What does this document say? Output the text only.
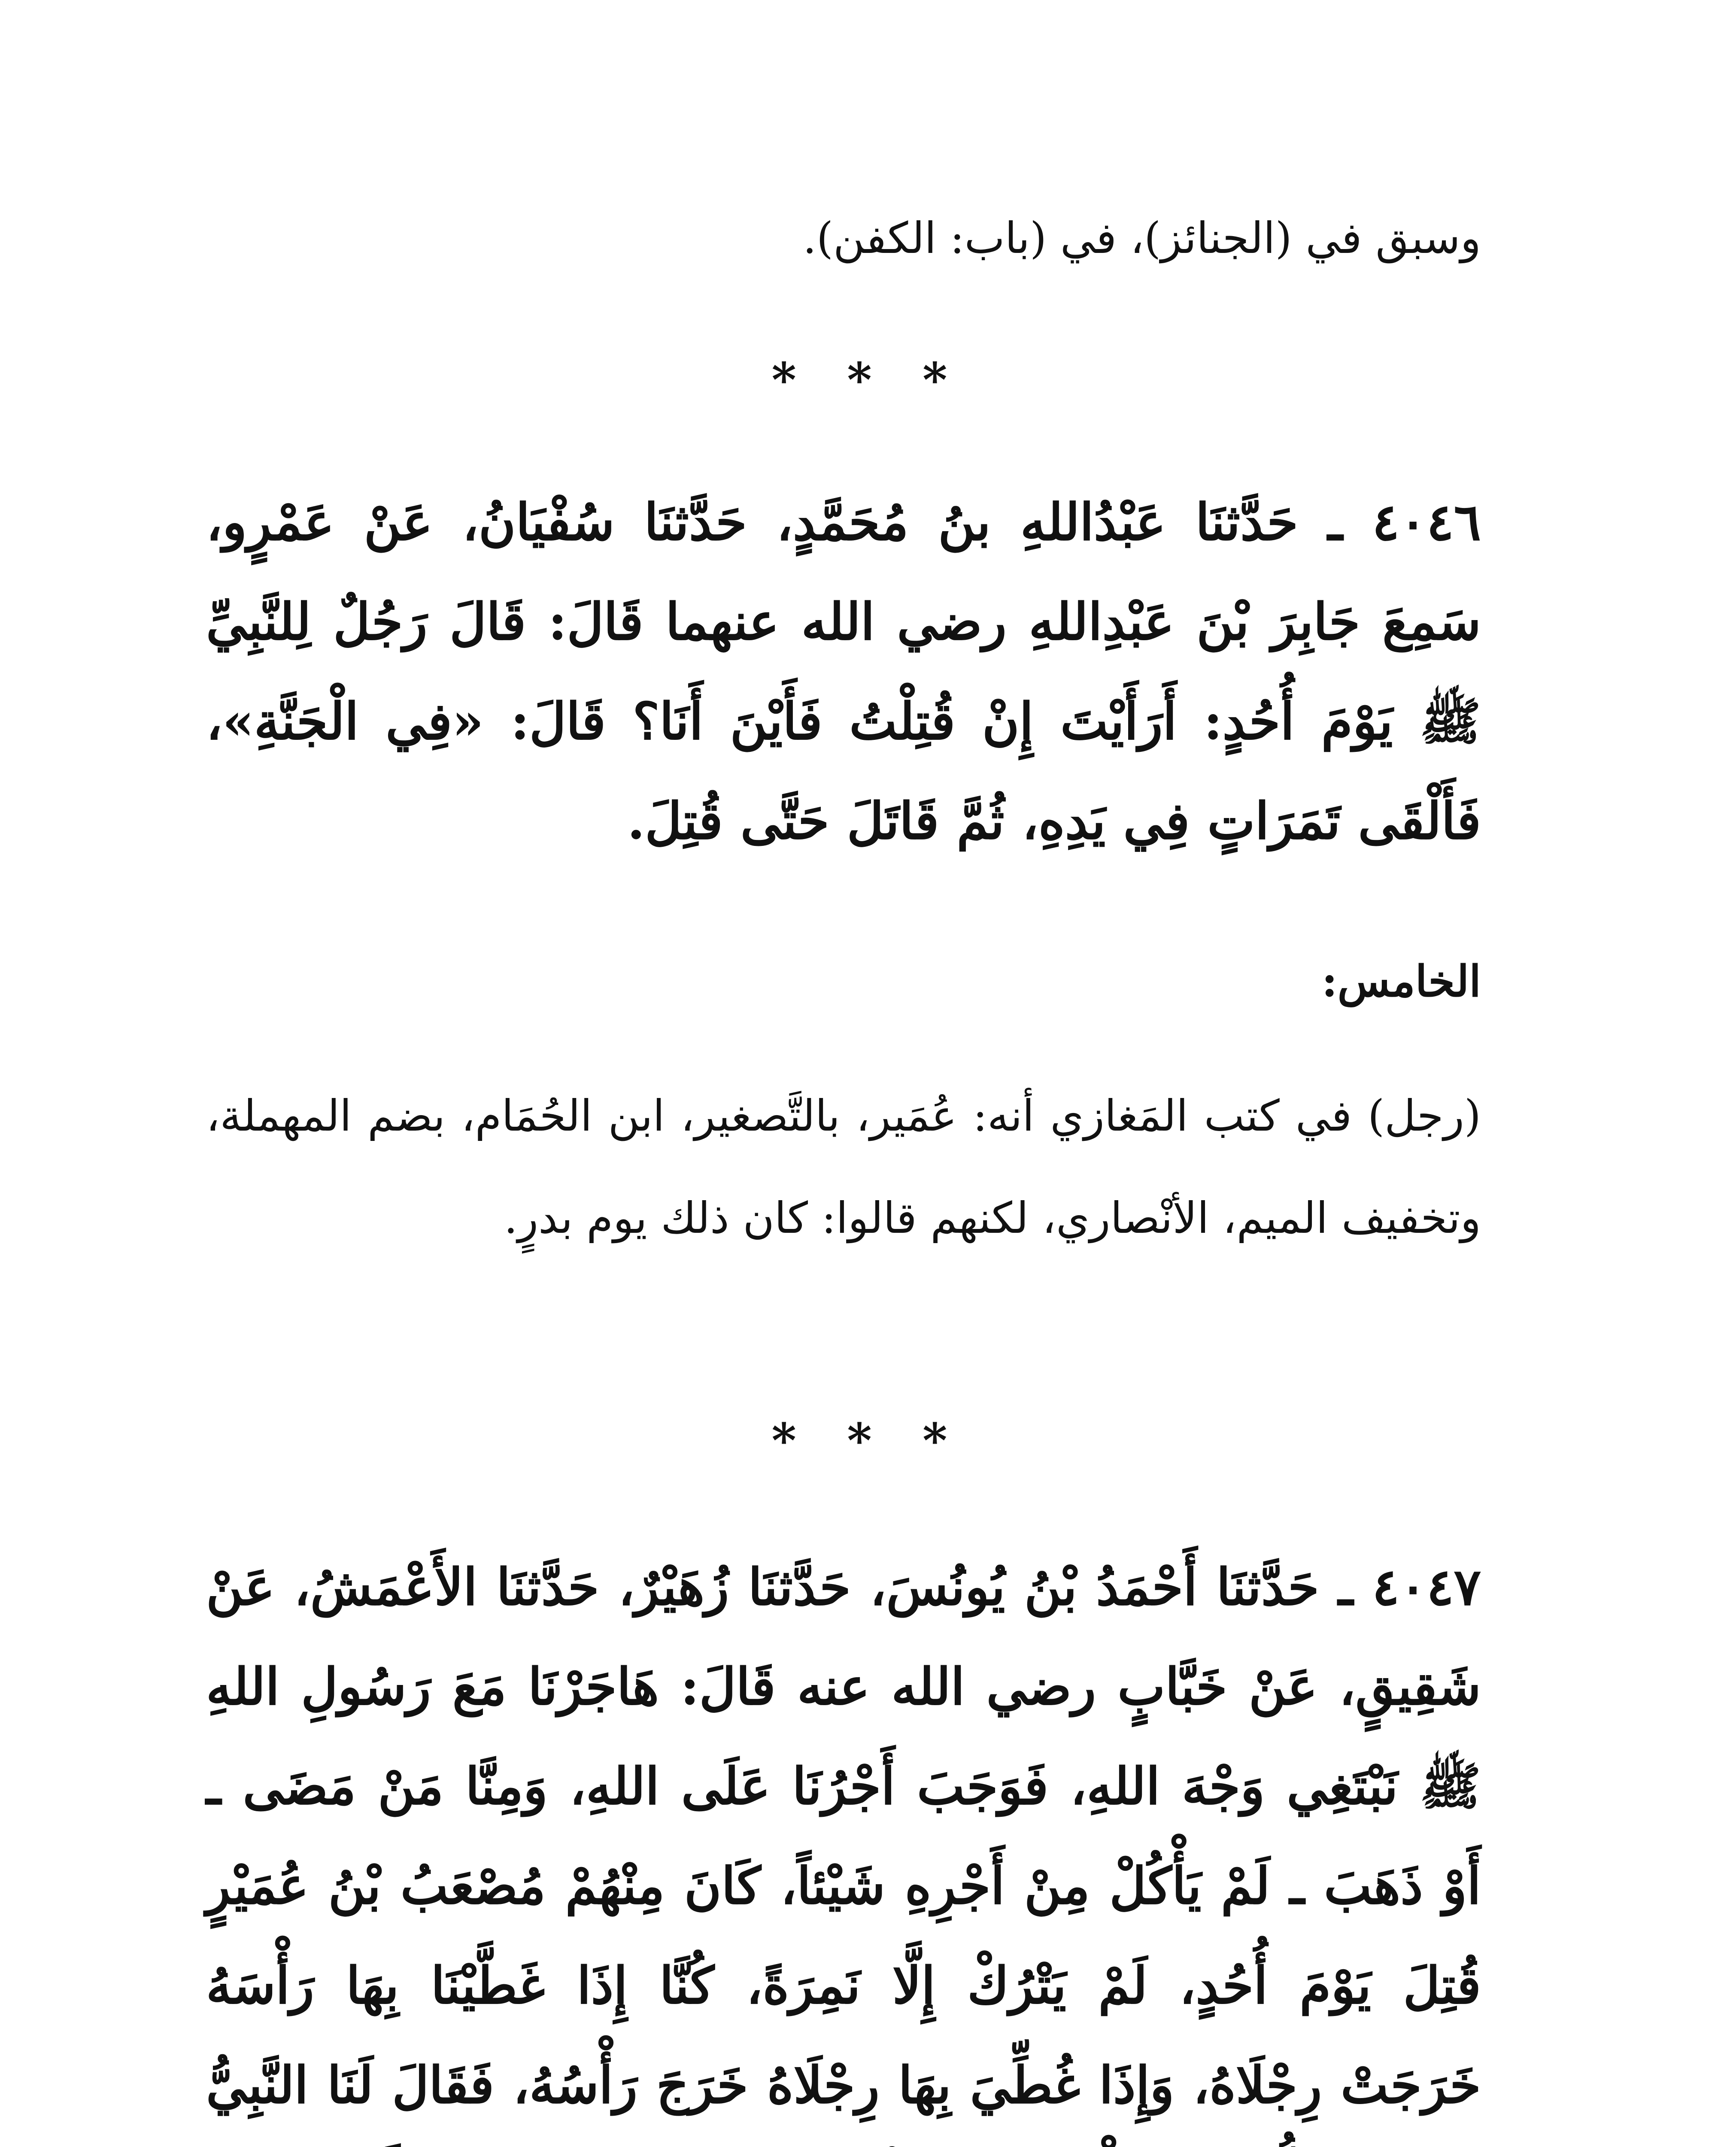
وسبق في (الجنائز)، في (باب: الكفن).
* * *
٤٠٤٦ ـ حَدَّثنَا عَبْدُاللهِ بنُ مُحَمَّدٍ، حَدَّثنَا سُفْيَانُ، عَنْ عَمْرٍو، سَمِعَ جَابِرَ بْنَ عَبْدِاللهِ رضي الله عنهما قَالَ: قَالَ رَجُلٌ لِلنَّبِيِّ ﷺ يَوْمَ أُحُدٍ: أَرَأَيْتَ إِنْ قُتِلْتُ فَأَيْنَ أَنَا؟ قَالَ: «فِي الْجَنَّةِ»، فَأَلْقَى تَمَرَاتٍ فِي يَدِهِ، ثُمَّ قَاتَلَ حَتَّى قُتِلَ.
الخامس:
(رجل) في كتب المَغازي أنه: عُمَير، بالتَّصغير، ابن الحُمَام، بضم المهملة، وتخفيف الميم، الأنْصاري، لكنهم قالوا: كان ذلك يوم بدرٍ.
* * *
٤٠٤٧ ـ حَدَّثنَا أَحْمَدُ بْنُ يُونُسَ، حَدَّثنَا زُهَيْرٌ، حَدَّثنَا الأَعْمَشُ، عَنْ شَقِيقٍ، عَنْ خَبَّابٍ رضي الله عنه قَالَ: هَاجَرْنَا مَعَ رَسُولِ اللهِ ﷺ نَبْتَغِي وَجْهَ اللهِ، فَوَجَبَ أَجْرُنَا عَلَى اللهِ، وَمِنَّا مَنْ مَضَى ـ أَوْ ذَهَبَ ـ لَمْ يَأْكُلْ مِنْ أَجْرِهِ شَيْئاً، كَانَ مِنْهُمْ مُصْعَبُ بْنُ عُمَيْرٍ قُتِلَ يَوْمَ أُحُدٍ، لَمْ يَتْرُكْ إِلَّا نَمِرَةً، كُنَّا إِذَا غَطَّيْنَا بِهَا رَأْسَهُ خَرَجَتْ رِجْلَاهُ، وَإِذَا غُطِّيَ بِهَا رِجْلَاهُ خَرَجَ رَأْسُهُ، فَقَالَ لَنَا النَّبِيُّ
